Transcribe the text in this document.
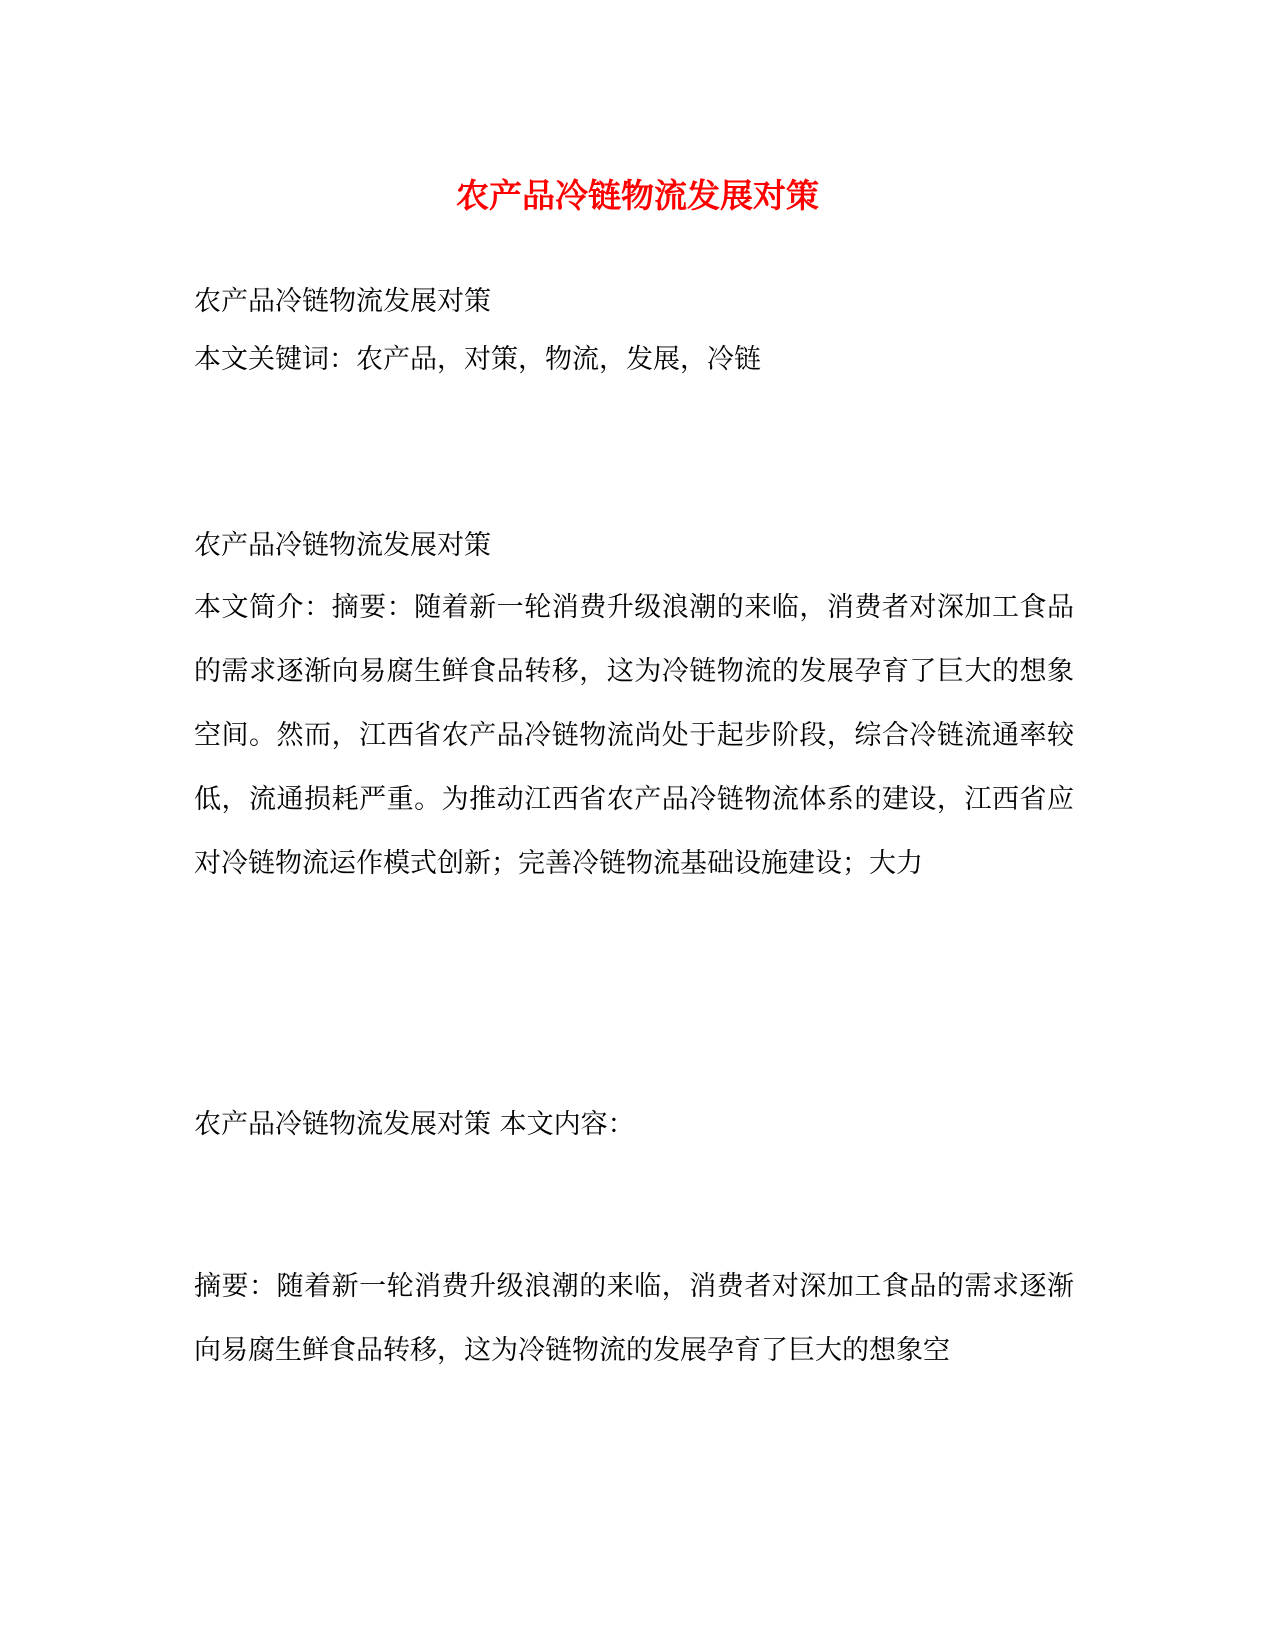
农产品冷链物流发展对策
农产品冷链物流发展对策
本文关键词：农产品，对策，物流，发展，冷链
农产品冷链物流发展对策
本文简介：摘要：随着新一轮消费升级浪潮的来临，消费者对深加工食品的需求逐渐向易腐生鲜食品转移，这为冷链物流的发展孕育了巨大的想象空间。然而，江西省农产品冷链物流尚处于起步阶段，综合冷链流通率较低，流通损耗严重。为推动江西省农产品冷链物流体系的建设，江西省应对冷链物流运作模式创新；完善冷链物流基础设施建设；大力
农产品冷链物流发展对策 本文内容：
摘要：随着新一轮消费升级浪潮的来临，消费者对深加工食品的需求逐渐向易腐生鲜食品转移，这为冷链物流的发展孕育了巨大的想象空
